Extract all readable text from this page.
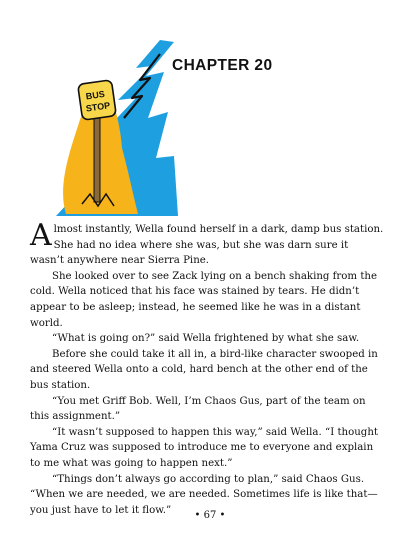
BUS
STOP
CHAPTER 20

Almost instantly, Wella found herself in a dark, damp bus station. She had no idea where she was, but she was darn sure it wasn’t anywhere near Sierra Pine.

She looked over to see Zack lying on a bench shaking from the cold. Wella noticed that his face was stained by tears. He didn’t appear to be asleep; instead, he seemed like he was in a distant world.

“What is going on?” said Wella frightened by what she saw.

Before she could take it all in, a bird-like character swooped in and steered Wella onto a cold, hard bench at the other end of the bus station.

“You met Griff Bob. Well, I’m Chaos Gus, part of the team on this assignment.”

“It wasn’t supposed to happen this way,” said Wella. “I thought Yama Cruz was supposed to introduce me to everyone and explain to me what was going to happen next.”

“Things don’t always go according to plan,” said Chaos Gus. “When we are needed, we are needed. Sometimes life is like that—you just have to let it flow.”	• 67 •
